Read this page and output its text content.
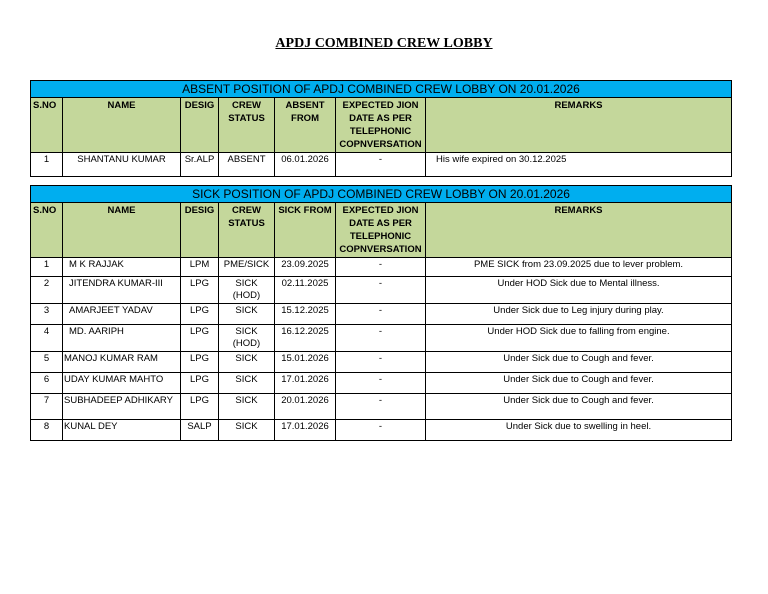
APDJ COMBINED CREW LOBBY
ABSENT POSITION OF APDJ COMBINED CREW LOBBY ON 20.01.2026						
S.NO	NAME	DESIG	CREW STATUS	ABSENT FROM	EXPECTED JION DATE AS PER TELEPHONIC COPNVERSATION	REMARKS
1	SHANTANU KUMAR	Sr.ALP	ABSENT	06.01.2026	-	His wife expired on 30.12.2025
SICK POSITION OF APDJ COMBINED CREW LOBBY ON 20.01.2026						
S.NO	NAME	DESIG	CREW STATUS	SICK FROM	EXPECTED JION DATE AS PER TELEPHONIC COPNVERSATION	REMARKS
1	M K RAJJAK	LPM	PME/SICK	23.09.2025	-	PME SICK from 23.09.2025 due to lever problem.
2	JITENDRA KUMAR-III	LPG	SICK (HOD)	02.11.2025	-	Under HOD Sick due to Mental illness.
3	AMARJEET YADAV	LPG	SICK	15.12.2025	-	Under Sick due to Leg injury during play.
4	MD. AARIPH	LPG	SICK (HOD)	16.12.2025	-	Under HOD Sick due to falling from engine.
5	MANOJ KUMAR RAM	LPG	SICK	15.01.2026	-	Under Sick due to Cough and fever.
6	UDAY KUMAR MAHTO	LPG	SICK	17.01.2026	-	Under Sick due to Cough and fever.
7	SUBHADEEP ADHIKARY	LPG	SICK	20.01.2026	-	Under Sick due to Cough and fever.
8	KUNAL DEY	SALP	SICK	17.01.2026	-	Under Sick due to swelling in heel.
